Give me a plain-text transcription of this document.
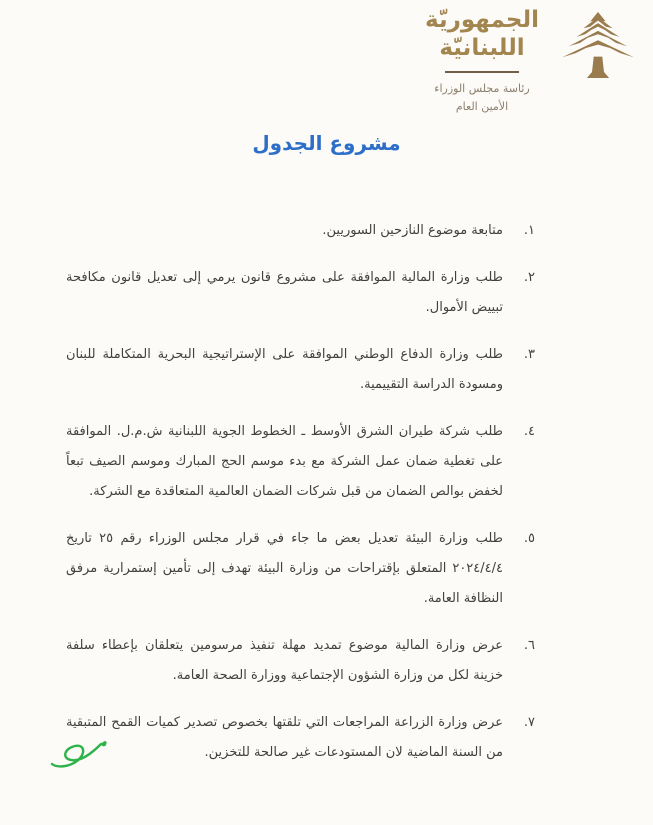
الجمهوريّة
اللبنانيّة
رئاسة مجلس الوزراء
الأمين العام
مشروع الجدول
١.
متابعة موضوع النازحين السوريين.
٢.
طلب وزارة المالية الموافقة على مشروع قانون يرمي إلى تعديل قانون مكافحة تبييض الأموال.
٣.
طلب وزارة الدفاع الوطني الموافقة على الإستراتيجية البحرية المتكاملة للبنان ومسودة الدراسة التقييمية.
٤.
طلب شركة طيران الشرق الأوسط ـ الخطوط الجوية اللبنانية ش.م.ل. الموافقة على تغطية ضمان عمل الشركة مع بدء موسم الحج المبارك وموسم الصيف تبعاً لخفض بوالص الضمان من قبل شركات الضمان العالمية المتعاقدة مع الشركة.
٥.
طلب وزارة البيئة تعديل بعض ما جاء في قرار مجلس الوزراء رقم ٢٥ تاريخ ٢٠٢٤/٤/٤ المتعلق بإقتراحات من وزارة البيئة تهدف إلى تأمين إستمرارية مرفق النظافة العامة.
٦.
عرض وزارة المالية موضوع تمديد مهلة تنفيذ مرسومين يتعلقان بإعطاء سلفة خزينة لكل من وزارة الشؤون الإجتماعية ووزارة الصحة العامة.
٧.
عرض وزارة الزراعة المراجعات التي تلقتها بخصوص تصدير كميات القمح المتبقية من السنة الماضية لان المستودعات غير صالحة للتخزين.
